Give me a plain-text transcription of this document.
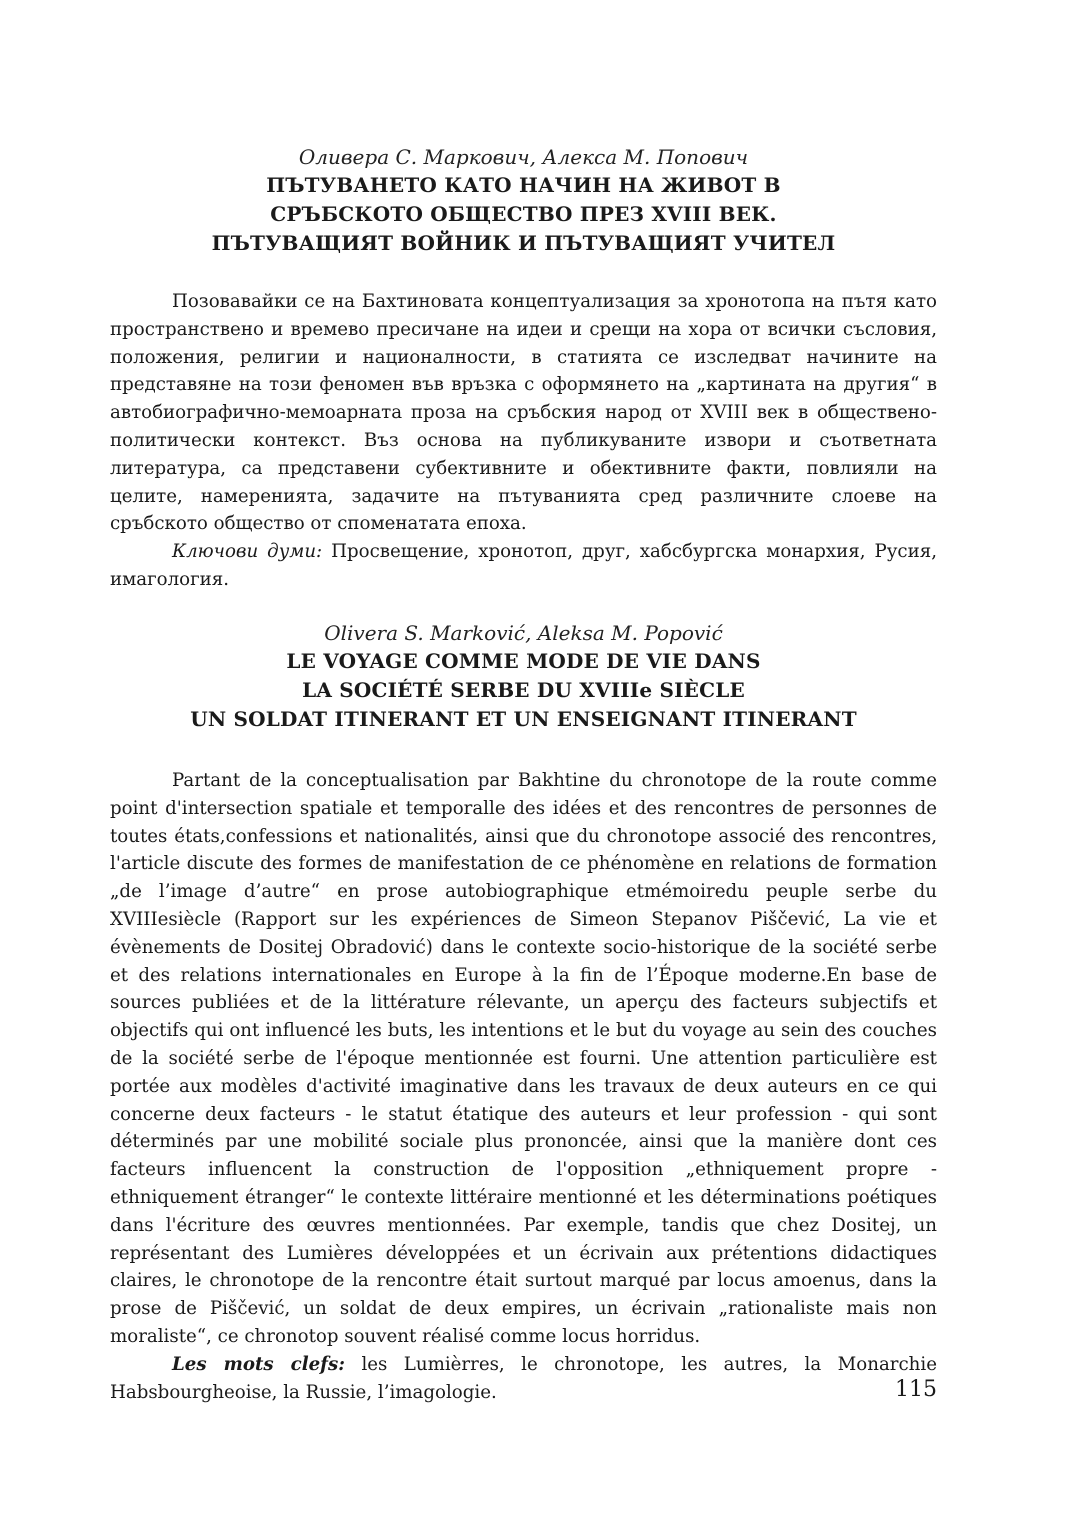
Оливера С. Маркович, Алекса М. Попович
ПЪТУВАНЕТО КАТО НАЧИН НА ЖИВОТ В
СРЪБСКОТО ОБЩЕСТВО ПРЕЗ XVIII ВЕК.
ПЪТУВАЩИЯТ ВОЙНИК И ПЪТУВАЩИЯТ УЧИТЕЛ

Позовавайки се на Бахтиновата концептуализация за хронотопа на пътя като пространствено и времево пресичане на идеи и срещи на хора от всички съсловия, положения, религии и националности, в статията се изследват начините на представяне на този феномен във връзка с оформянето на „картината на другия“ в автобиографично-мемоарната проза на сръбския народ от XVIII век в обществено-политически контекст. Въз основа на публикуваните извори и съответната литература, са представени субективните и обективните факти, повлияли на целите, намеренията, задачите на пътуванията сред различните слоеве на сръбското общество от споменатата епоха.

Ключови думи: Просвещение, хронотоп, друг, хабсбургска монархия, Русия, имагология.

Olivera S. Marković, Aleksa M. Popović
LE VOYAGE COMME MODE DE VIE DANS
LA SOCIÉTÉ SERBE DU XVIIIe SIÈCLE
UN SOLDAT ITINERANT ET UN ENSEIGNANT ITINERANT

Partant de la conceptualisation par Bakhtine du chronotope de la route comme point d'intersection spatiale et temporalle des idées et des rencontres de personnes de toutes états,confessions et nationalités, ainsi que du chronotope associé des rencontres, l'article discute des formes de manifestation de ce phénomène en relations de formation „de l’image d’autre“ en prose autobiographique etmémoiredu peuple serbe du XVIIIesiècle (Rapport sur les expériences de Simeon Stepanov Piščević, La vie et évènements de Dositej Obradović) dans le contexte socio-historique de la société serbe et des relations internationales en Europe à la fin de l’Époque moderne.En base de sources publiées et de la littérature rélevante, un aperçu des facteurs subjectifs et objectifs qui ont influencé les buts, les intentions et le but du voyage au sein des couches de la société serbe de l'époque mentionnée est fourni. Une attention particulière est portée aux modèles d'activité imaginative dans les travaux de deux auteurs en ce qui concerne deux facteurs - le statut étatique des auteurs et leur profession - qui sont déterminés par une mobilité sociale plus prononcée, ainsi que la manière dont ces facteurs influencent la construction de l'opposition „ethniquement propre - ethniquement étranger“ le contexte littéraire mentionné et les déterminations poétiques dans l'écriture des œuvres mentionnées. Par exemple, tandis que chez Dositej, un représentant des Lumières développées et un écrivain aux prétentions didactiques claires, le chronotope de la rencontre était surtout marqué par locus amoenus, dans la prose de Piščević, un soldat de deux empires, un écrivain „rationaliste mais non moraliste“, ce chronotop souvent réalisé comme locus horridus.

Les mots clefs: les Lumièrres, le chronotope, les autres, la Monarchie Habsbourgheoise, la Russie, l’imagologie.	115
